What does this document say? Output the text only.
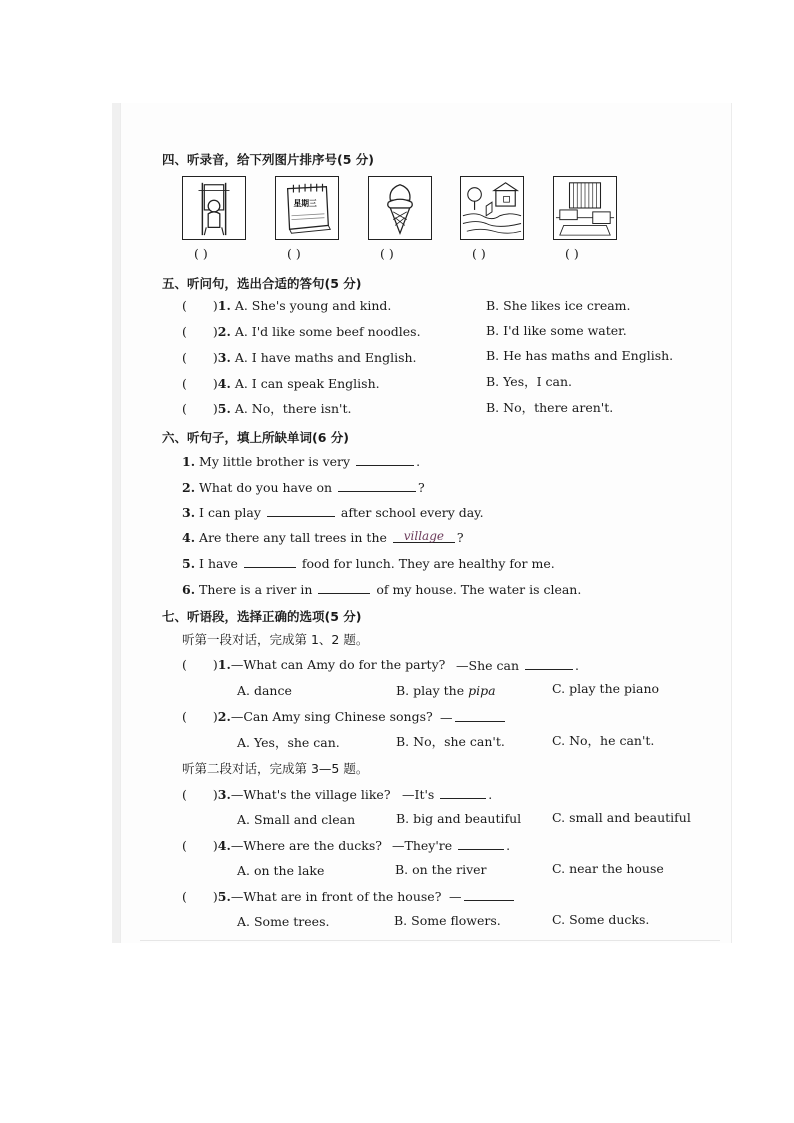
四、听录音，给下列图片排序号(5 分)
星期三
( )	( )	( )	( )	( )
五、听问句，选出合适的答句(5 分)
( )1. A. She's young and kind.	B. She likes ice cream.
( )2. A. I'd like some beef noodles.	B. I'd like some water.
( )3. A. I have maths and English.	B. He has maths and English.
( )4. A. I can speak English.	B. Yes，I can.
( )5. A. No，there isn't.	B. No，there aren't.
六、听句子，填上所缺单词(6 分)
1. My little brother is very	.
2. What do you have on	?
3. I can play	after school every day.
4. Are there any tall trees in the village ?
5. I have	food for lunch. They are healthy for me.
6. There is a river in	of my house. The water is clean.
七、听语段，选择正确的选项(5 分)
听第一段对话，完成第 1、2 题。
( )1.—What can Amy do for the party? —She can	.
A. dance	B. play the pipa	C. play the piano
( )2.—Can Amy sing Chinese songs? —
A. Yes，she can.	B. No，she can't.	C. No，he can't.
听第二段对话，完成第 3—5 题。
( )3.—What's the village like? —It's	.
A. Small and clean	B. big and beautiful C. small and beautiful
( )4.—Where are the ducks? —They're	.
A. on the lake	B. on the river	C. near the house
( )5.—What are in front of the house? —
A. Some trees.	B. Some flowers.	C. Some ducks.
